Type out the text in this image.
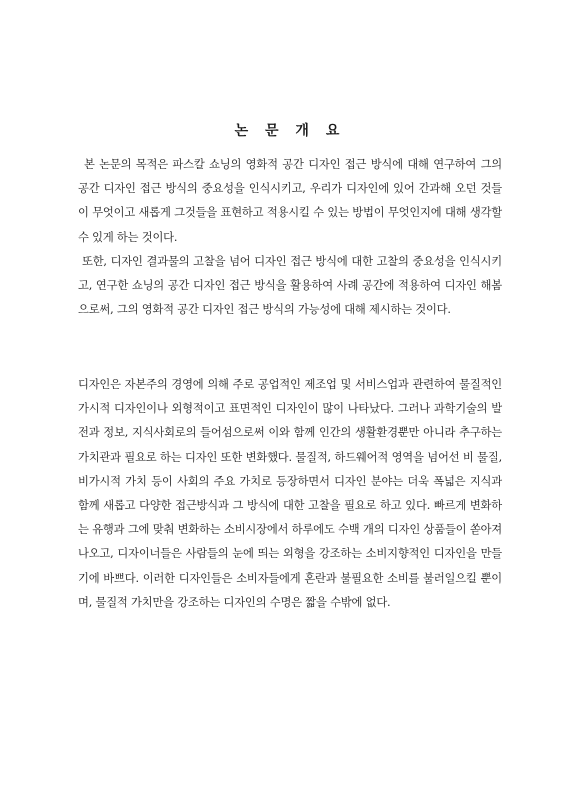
논 문 개 요

본 논문의 목적은 파스칼 쇼닝의 영화적 공간 디자인 접근 방식에 대해 연구하여 그의 공간 디자인 접근 방식의 중요성을 인식시키고, 우리가 디자인에 있어 간과해 오던 것들이 무엇이고 새롭게 그것들을 표현하고 적용시킬 수 있는 방법이 무엇인지에 대해 생각할 수 있게 하는 것이다.

또한, 디자인 결과물의 고찰을 넘어 디자인 접근 방식에 대한 고찰의 중요성을 인식시키고, 연구한 쇼닝의 공간 디자인 접근 방식을 활용하여 사례 공간에 적용하여 디자인 해봄으로써, 그의 영화적 공간 디자인 접근 방식의 가능성에 대해 제시하는 것이다.

디자인은 자본주의 경영에 의해 주로 공업적인 제조업 및 서비스업과 관련하여 물질적인 가시적 디자인이나 외형적이고 표면적인 디자인이 많이 나타났다. 그러나 과학기술의 발전과 정보, 지식사회로의 들어섬으로써 이와 함께 인간의 생활환경뿐만 아니라 추구하는 가치관과 필요로 하는 디자인 또한 변화했다. 물질적, 하드웨어적 영역을 넘어선 비 물질, 비가시적 가치 등이 사회의 주요 가치로 등장하면서 디자인 분야는 더욱 폭넓은 지식과 함께 새롭고 다양한 접근방식과 그 방식에 대한 고찰을 필요로 하고 있다. 빠르게 변화하는 유행과 그에 맞춰 변화하는 소비시장에서 하루에도 수백 개의 디자인 상품들이 쏟아져 나오고, 디자이너들은 사람들의 눈에 띄는 외형을 강조하는 소비지향적인 디자인을 만들기에 바쁘다. 이러한 디자인들은 소비자들에게 혼란과 불필요한 소비를 불러일으킬 뿐이며, 물질적 가치만을 강조하는 디자인의 수명은 짧을 수밖에 없다.
